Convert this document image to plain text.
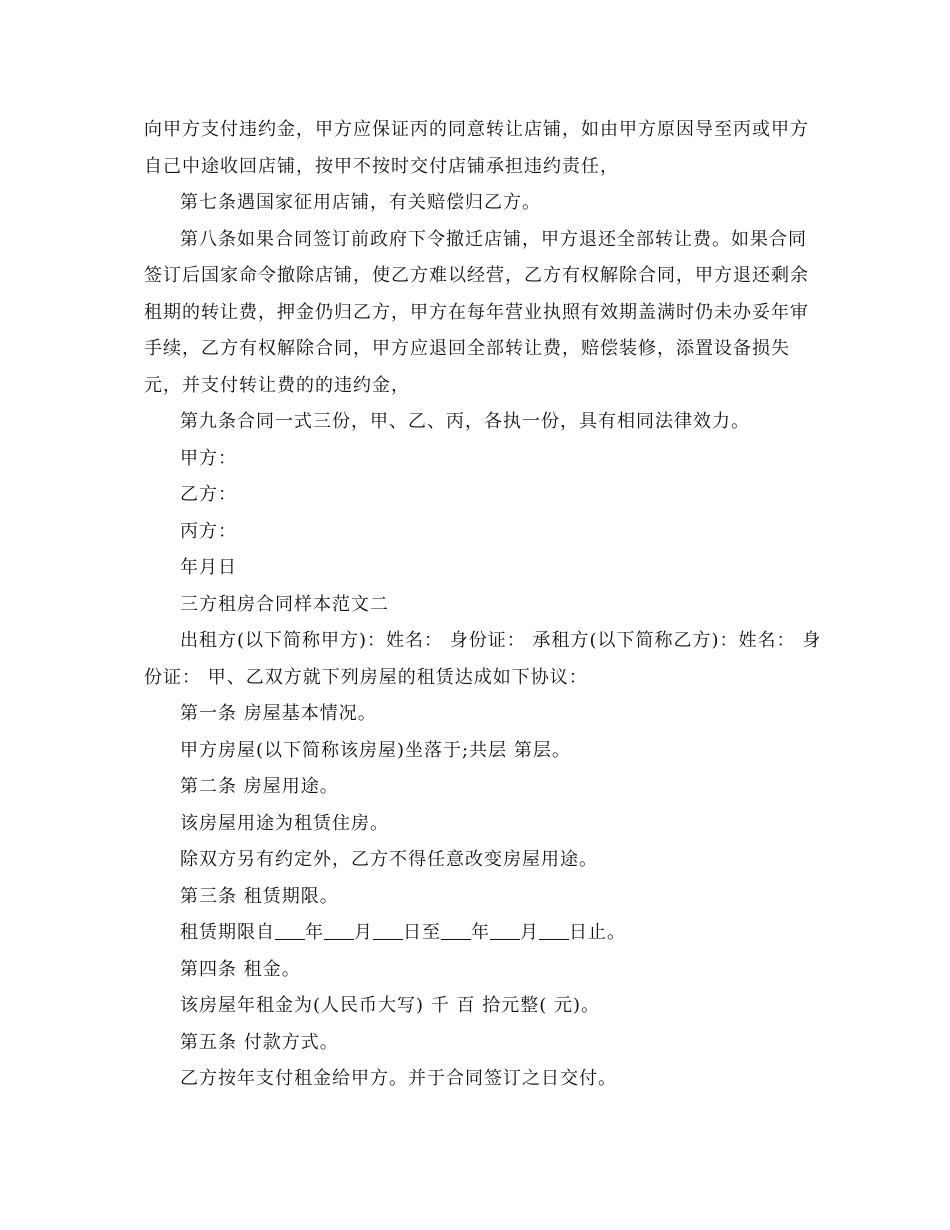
向甲方支付违约金，甲方应保证丙的同意转让店铺，如由甲方原因导至丙或甲方

自己中途收回店铺，按甲不按时交付店铺承担违约责任，

第七条遇国家征用店铺，有关赔偿归乙方。

第八条如果合同签订前政府下令撤迁店铺，甲方退还全部转让费。如果合同

签订后国家命令撤除店铺，使乙方难以经营，乙方有权解除合同，甲方退还剩余

租期的转让费，押金仍归乙方，甲方在每年营业执照有效期盖满时仍未办妥年审

手续，乙方有权解除合同，甲方应退回全部转让费，赔偿装修，添置设备损失

元，并支付转让费的的违约金，

第九条合同一式三份，甲、乙、丙，各执一份，具有相同法律效力。

甲方：

乙方：

丙方：

年月日

三方租房合同样本范文二

出租方(以下简称甲方)：姓名： 身份证： 承租方(以下简称乙方)：姓名： 身

份证： 甲、乙双方就下列房屋的租赁达成如下协议：

第一条 房屋基本情况。

甲方房屋(以下简称该房屋)坐落于;共层 第层。

第二条 房屋用途。

该房屋用途为租赁住房。

除双方另有约定外，乙方不得任意改变房屋用途。

第三条 租赁期限。

租赁期限自 年 月 日至 年 月 日止。

第四条 租金。

该房屋年租金为(人民币大写) 千 百 拾元整( 元)。

第五条 付款方式。

乙方按年支付租金给甲方。并于合同签订之日交付。
